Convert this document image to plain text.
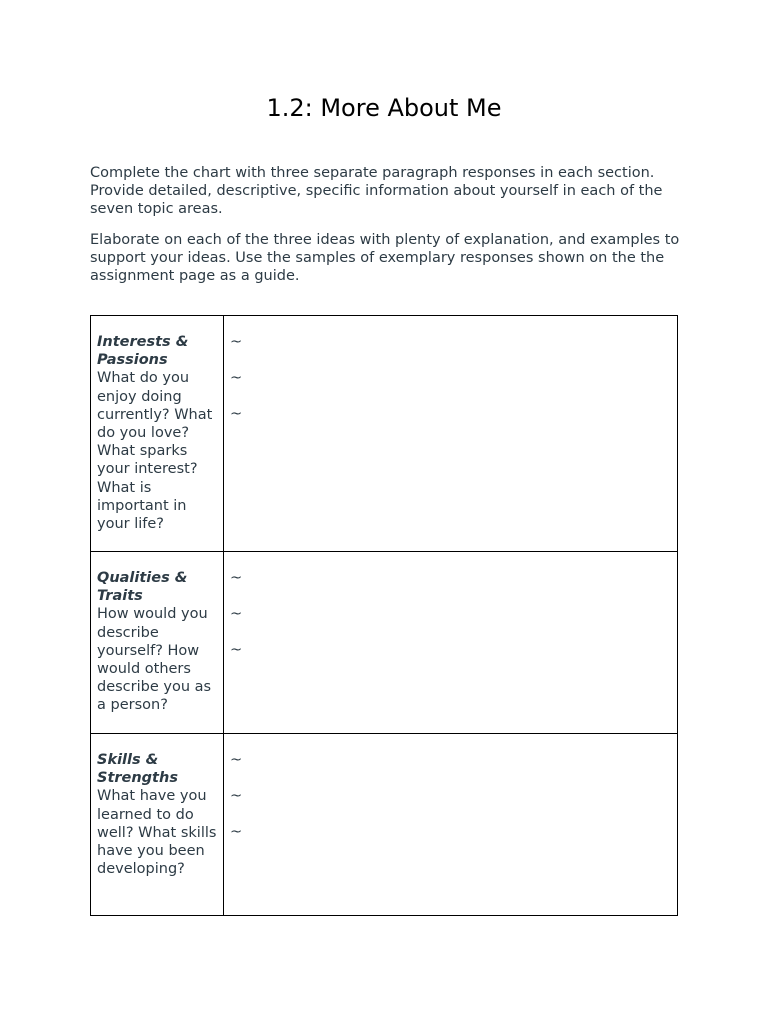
1.2: More About Me

Complete the chart with three separate paragraph responses in each section. Provide detailed, descriptive, specific information about yourself in each of the seven topic areas.

Elaborate on each of the three ideas with plenty of explanation, and examples to support your ideas. Use the samples of exemplary responses shown on the the assignment page as a guide.

Interests & Passions
What do you enjoy doing currently? What do you love? What sparks your interest? What is important in your life?	~
~
~

Qualities & Traits
How would you describe yourself? How would others describe you as a person?	~
~
~

Skills & Strengths
What have you learned to do well? What skills have you been developing?	~
~
~
